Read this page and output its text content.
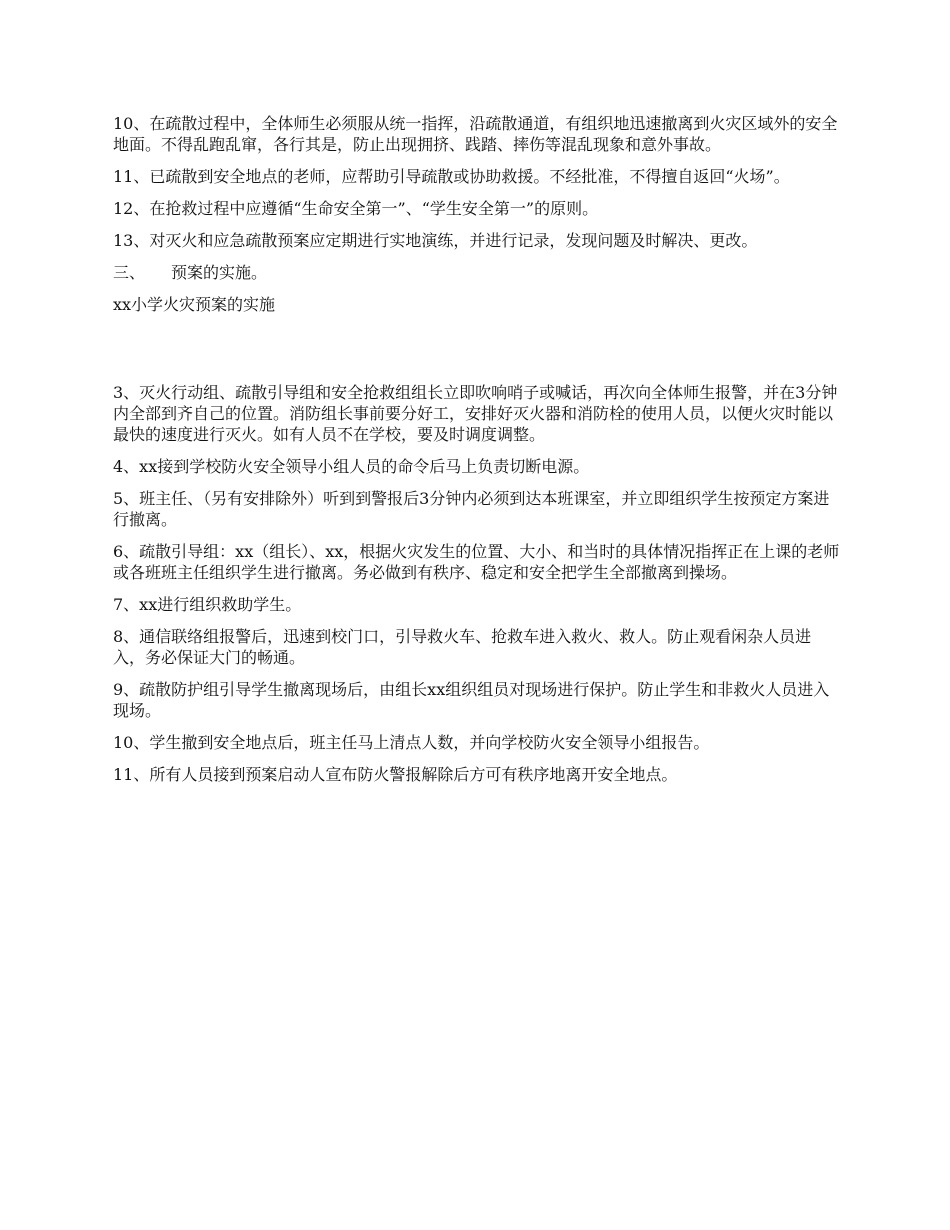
10、在疏散过程中，全体师生必须服从统一指挥，沿疏散通道，有组织地迅速撤离到火灾区域外的安全地面。不得乱跑乱窜，各行其是，防止出现拥挤、践踏、摔伤等混乱现象和意外事故。

11、已疏散到安全地点的老师，应帮助引导疏散或协助救援。不经批准，不得擅自返回“火场”。

12、在抢救过程中应遵循“生命安全第一”、“学生安全第一”的原则。

13、对灭火和应急疏散预案应定期进行实地演练，并进行记录，发现问题及时解决、更改。

三、 预案的实施。

xx小学火灾预案的实施

3、灭火行动组、疏散引导组和安全抢救组组长立即吹响哨子或喊话，再次向全体师生报警，并在3分钟内全部到齐自己的位置。消防组长事前要分好工，安排好灭火器和消防栓的使用人员，以便火灾时能以最快的速度进行灭火。如有人员不在学校，要及时调度调整。

4、xx接到学校防火安全领导小组人员的命令后马上负责切断电源。

5、班主任、（另有安排除外）听到到警报后3分钟内必须到达本班课室，并立即组织学生按预定方案进行撤离。

6、疏散引导组：xx（组长）、xx，根据火灾发生的位置、大小、和当时的具体情况指挥正在上课的老师或各班班主任组织学生进行撤离。务必做到有秩序、稳定和安全把学生全部撤离到操场。

7、xx进行组织救助学生。

8、通信联络组报警后，迅速到校门口，引导救火车、抢救车进入救火、救人。防止观看闲杂人员进入，务必保证大门的畅通。

9、疏散防护组引导学生撤离现场后，由组长xx组织组员对现场进行保护。防止学生和非救火人员进入现场。

10、学生撤到安全地点后，班主任马上清点人数，并向学校防火安全领导小组报告。

11、所有人员接到预案启动人宣布防火警报解除后方可有秩序地离开安全地点。
